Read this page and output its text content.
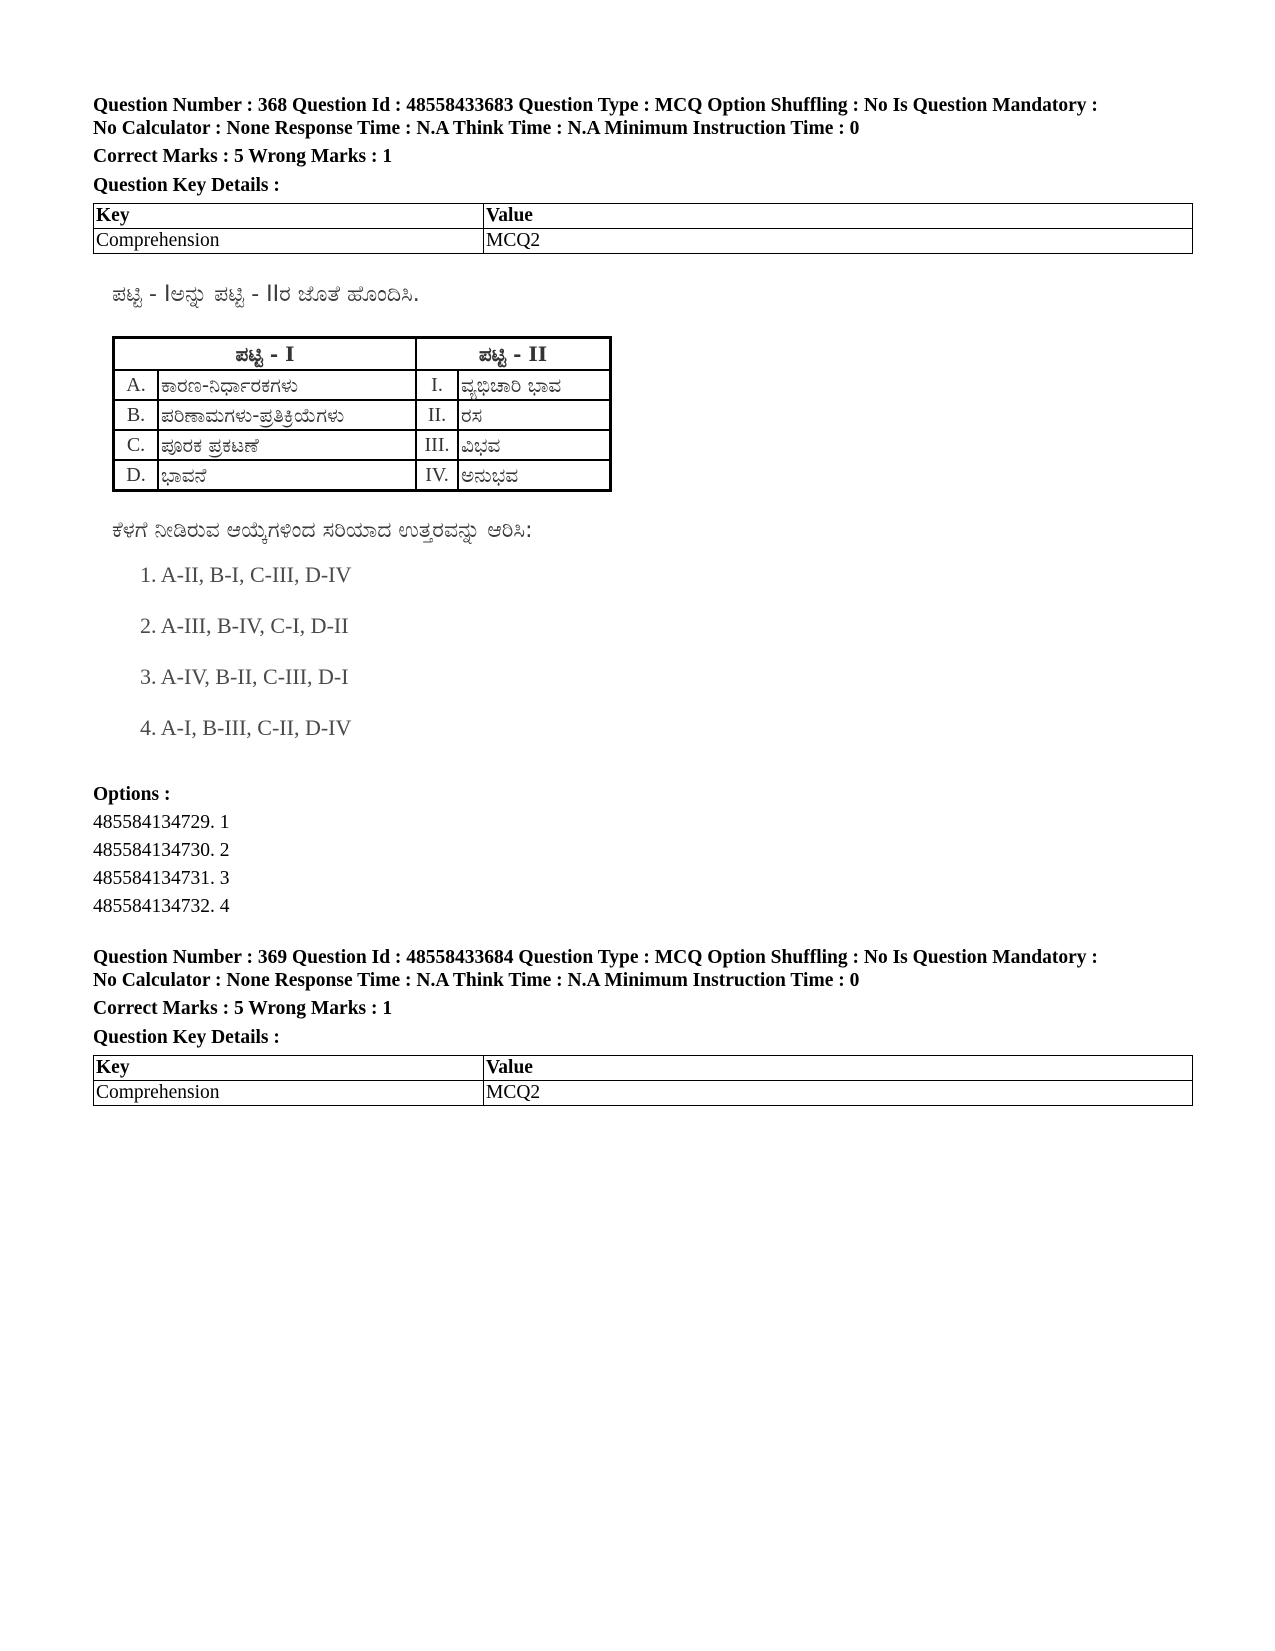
Question Number : 368 Question Id : 48558433683 Question Type : MCQ Option Shuffling : No Is Question Mandatory :
No Calculator : None Response Time : N.A Think Time : N.A Minimum Instruction Time : 0
Correct Marks : 5 Wrong Marks : 1
Question Key Details :
Key	Value
Comprehension	MCQ2
ಪಟ್ಟಿ - Iಅನ್ನು ಪಟ್ಟಿ - IIರ ಜೊತೆ ಹೊಂದಿಸಿ.
ಪಟ್ಟಿ - I		ಪಟ್ಟಿ - II	
A.	ಕಾರಣ-ನಿರ್ಧಾರಕಗಳು	I.	ವ್ಯಭಿಚಾರಿ ಭಾವ
B.	ಪರಿಣಾಮಗಳು-ಪ್ರತಿಕ್ರಿಯೆಗಳು	II.	ರಸ
C.	ಪೂರಕ ಪ್ರಕಟಣೆ	III.	ವಿಭವ
D.	ಭಾವನೆ	IV.	ಅನುಭವ
ಕೆಳಗೆ ನೀಡಿರುವ ಆಯ್ಕೆಗಳಿಂದ ಸರಿಯಾದ ಉತ್ತರವನ್ನು ಆರಿಸಿ:
1. A-II, B-I, C-III, D-IV
2. A-III, B-IV, C-I, D-II
3. A-IV, B-II, C-III, D-I
4. A-I, B-III, C-II, D-IV
Options :
485584134729. 1
485584134730. 2
485584134731. 3
485584134732. 4
Question Number : 369 Question Id : 48558433684 Question Type : MCQ Option Shuffling : No Is Question Mandatory :
No Calculator : None Response Time : N.A Think Time : N.A Minimum Instruction Time : 0
Correct Marks : 5 Wrong Marks : 1
Question Key Details :
Key	Value
Comprehension	MCQ2
